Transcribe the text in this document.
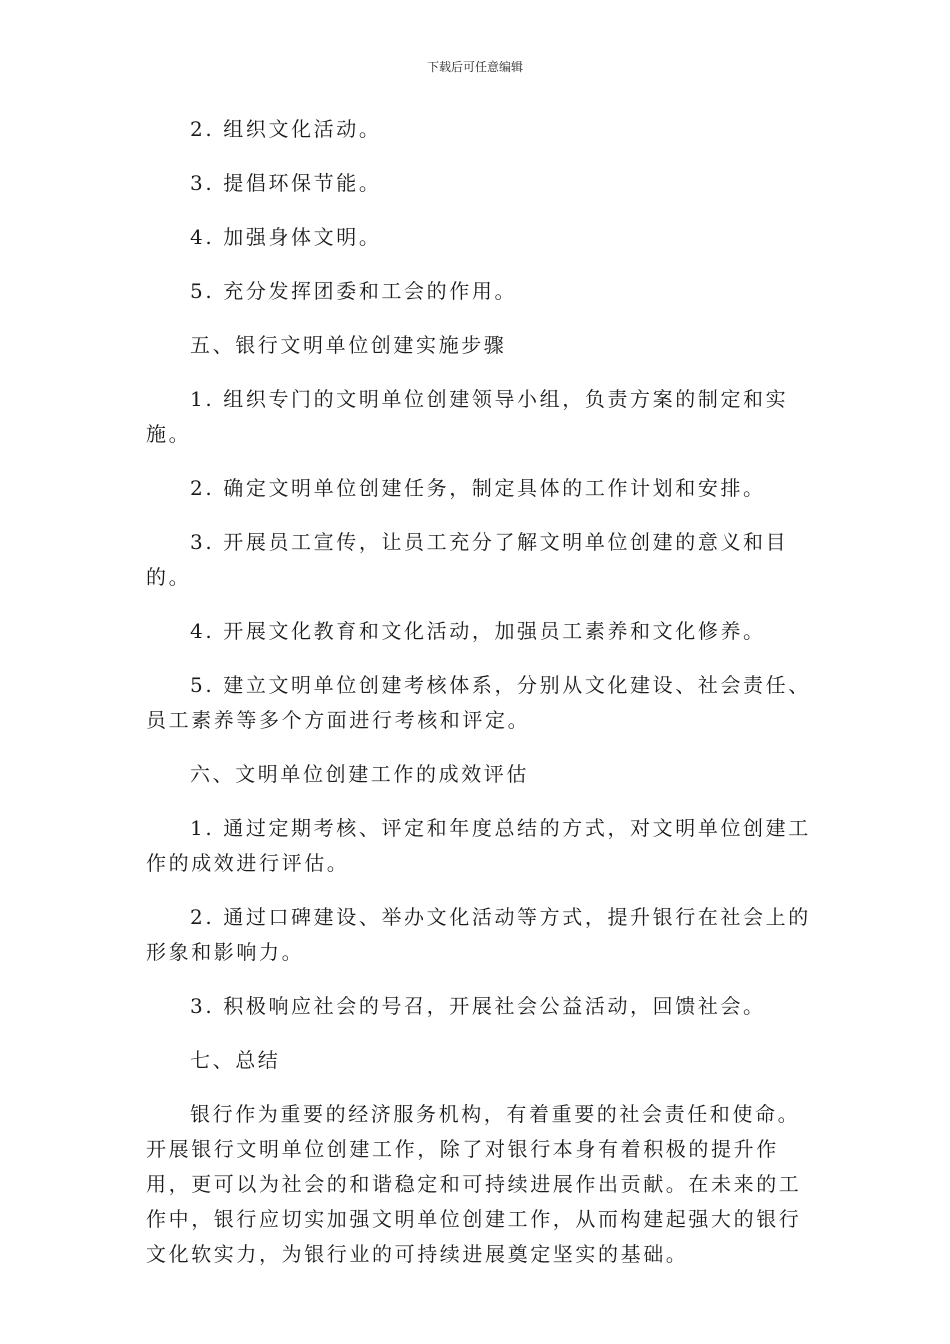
下载后可任意编辑

2. 组织文化活动。

3. 提倡环保节能。

4. 加强身体文明。

5. 充分发挥团委和工会的作用。

五、银行文明单位创建实施步骤

1. 组织专门的文明单位创建领导小组，负责方案的制定和实施。

2. 确定文明单位创建任务，制定具体的工作计划和安排。

3. 开展员工宣传，让员工充分了解文明单位创建的意义和目的。

4. 开展文化教育和文化活动，加强员工素养和文化修养。

5. 建立文明单位创建考核体系，分别从文化建设、社会责任、员工素养等多个方面进行考核和评定。

六、文明单位创建工作的成效评估

1. 通过定期考核、评定和年度总结的方式，对文明单位创建工作的成效进行评估。

2. 通过口碑建设、举办文化活动等方式，提升银行在社会上的形象和影响力。

3. 积极响应社会的号召，开展社会公益活动，回馈社会。

七、总结

银行作为重要的经济服务机构，有着重要的社会责任和使命。开展银行文明单位创建工作，除了对银行本身有着积极的提升作用，更可以为社会的和谐稳定和可持续进展作出贡献。在未来的工作中，银行应切实加强文明单位创建工作，从而构建起强大的银行文化软实力，为银行业的可持续进展奠定坚实的基础。
